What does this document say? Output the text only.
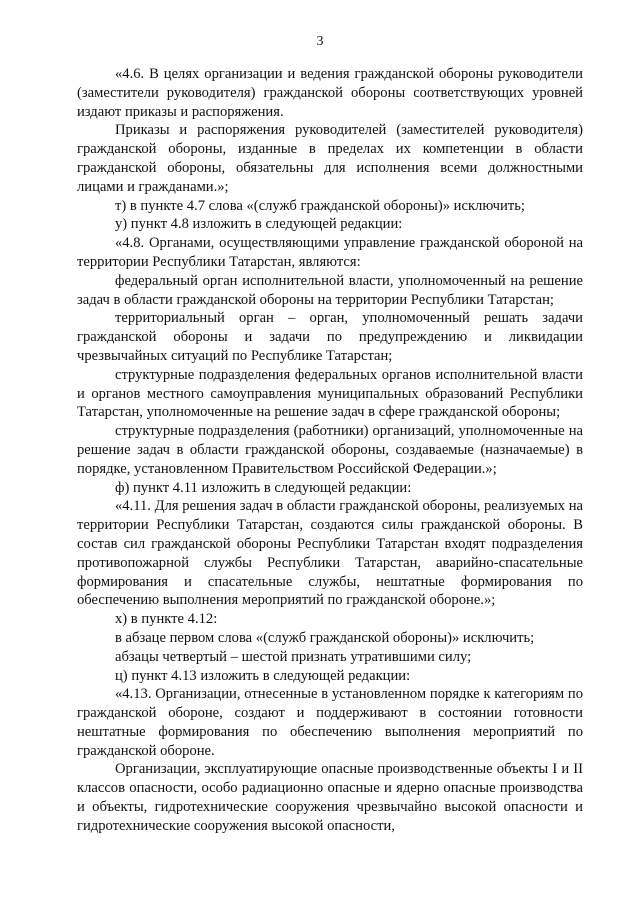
3

«4.6. В целях организации и ведения гражданской обороны руководители (заместители руководителя) гражданской обороны соответствующих уровней издают приказы и распоряжения.

Приказы и распоряжения руководителей (заместителей руководителя) гражданской обороны, изданные в пределах их компетенции в области гражданской обороны, обязательны для исполнения всеми должностными лицами и гражданами.»;

т) в пункте 4.7 слова «(служб гражданской обороны)» исключить;

у) пункт 4.8 изложить в следующей редакции:

«4.8. Органами, осуществляющими управление гражданской обороной на территории Республики Татарстан, являются:

федеральный орган исполнительной власти, уполномоченный на решение задач в области гражданской обороны на территории Республики Татарстан;

территориальный орган – орган, уполномоченный решать задачи гражданской обороны и задачи по предупреждению и ликвидации чрезвычайных ситуаций по Республике Татарстан;

структурные подразделения федеральных органов исполнительной власти и органов местного самоуправления муниципальных образований Республики Татарстан, уполномоченные на решение задач в сфере гражданской обороны;

структурные подразделения (работники) организаций, уполномоченные на решение задач в области гражданской обороны, создаваемые (назначаемые) в порядке, установленном Правительством Российской Федерации.»;

ф) пункт 4.11 изложить в следующей редакции:

«4.11. Для решения задач в области гражданской обороны, реализуемых на территории Республики Татарстан, создаются силы гражданской обороны. В состав сил гражданской обороны Республики Татарстан входят подразделения противопожарной службы Республики Татарстан, аварийно-спасательные формирования и спасательные службы, нештатные формирования по обеспечению выполнения мероприятий по гражданской обороне.»;

х) в пункте 4.12:

в абзаце первом слова «(служб гражданской обороны)» исключить;

абзацы четвертый – шестой признать утратившими силу;

ц) пункт 4.13 изложить в следующей редакции:

«4.13. Организации, отнесенные в установленном порядке к категориям по гражданской обороне, создают и поддерживают в состоянии готовности нештатные формирования по обеспечению выполнения мероприятий по гражданской обороне.

Организации, эксплуатирующие опасные производственные объекты I и II классов опасности, особо радиационно опасные и ядерно опасные производства и объекты, гидротехнические сооружения чрезвычайно высокой опасности и гидротехнические сооружения высокой опасности,
